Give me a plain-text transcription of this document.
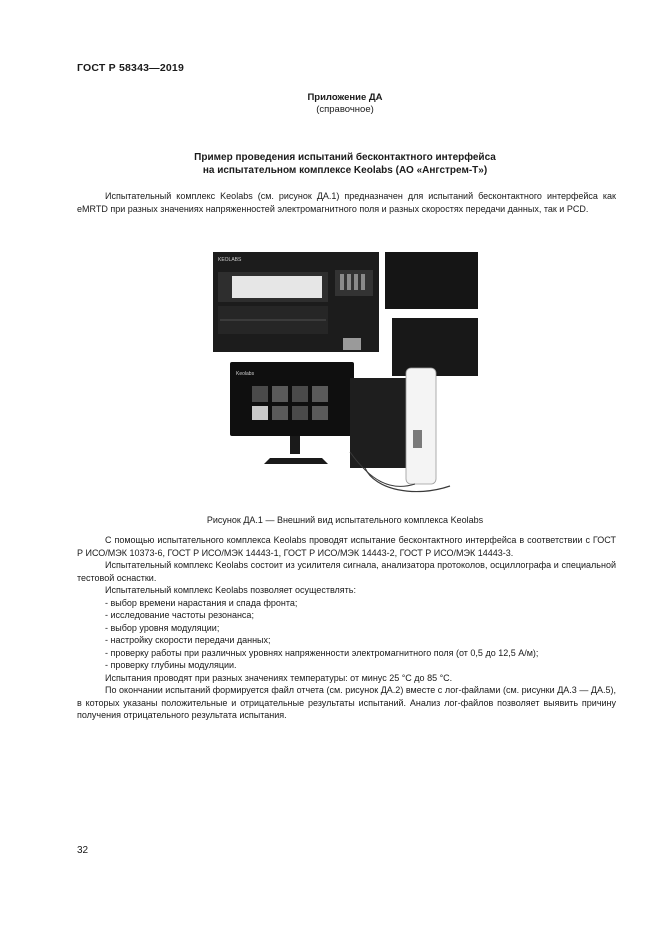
ГОСТ Р 58343—2019
Приложение ДА
(справочное)
Пример проведения испытаний бесконтактного интерфейса
на испытательном комплексе Keolabs (АО «Ангстрем-Т»)

Испытательный комплекс Keolabs (см. рисунок ДА.1) предназначен для испытаний бесконтактного интерфейса как eMRTD при разных значениях напряженностей электромагнитного поля и разных скоростях передачи данных, так и PCD.

KEOLABS
Keolabs
Рисунок ДА.1 — Внешний вид испытательного комплекса Keolabs

С помощью испытательного комплекса Keolabs проводят испытание бесконтактного интерфейса в соответствии с ГОСТ Р ИСО/МЭК 10373-6, ГОСТ Р ИСО/МЭК 14443-1, ГОСТ Р ИСО/МЭК 14443-2, ГОСТ Р ИСО/МЭК 14443-3.

Испытательный комплекс Keolabs состоит из усилителя сигнала, анализатора протоколов, осциллографа и специальной тестовой оснастки.

Испытательный комплекс Keolabs позволяет осуществлять:

- выбор времени нарастания и спада фронта;

- исследование частоты резонанса;

- выбор уровня модуляции;

- настройку скорости передачи данных;

- проверку работы при различных уровнях напряженности электромагнитного поля (от 0,5 до 12,5 А/м);

- проверку глубины модуляции.

Испытания проводят при разных значениях температуры: от минус 25 °С до 85 °С.

По окончании испытаний формируется файл отчета (см. рисунок ДА.2) вместе с лог-файлами (см. рисунки ДА.3 — ДА.5), в которых указаны положительные и отрицательные результаты испытаний. Анализ лог-файлов позволяет выявить причину получения отрицательного результата испытания.

32
